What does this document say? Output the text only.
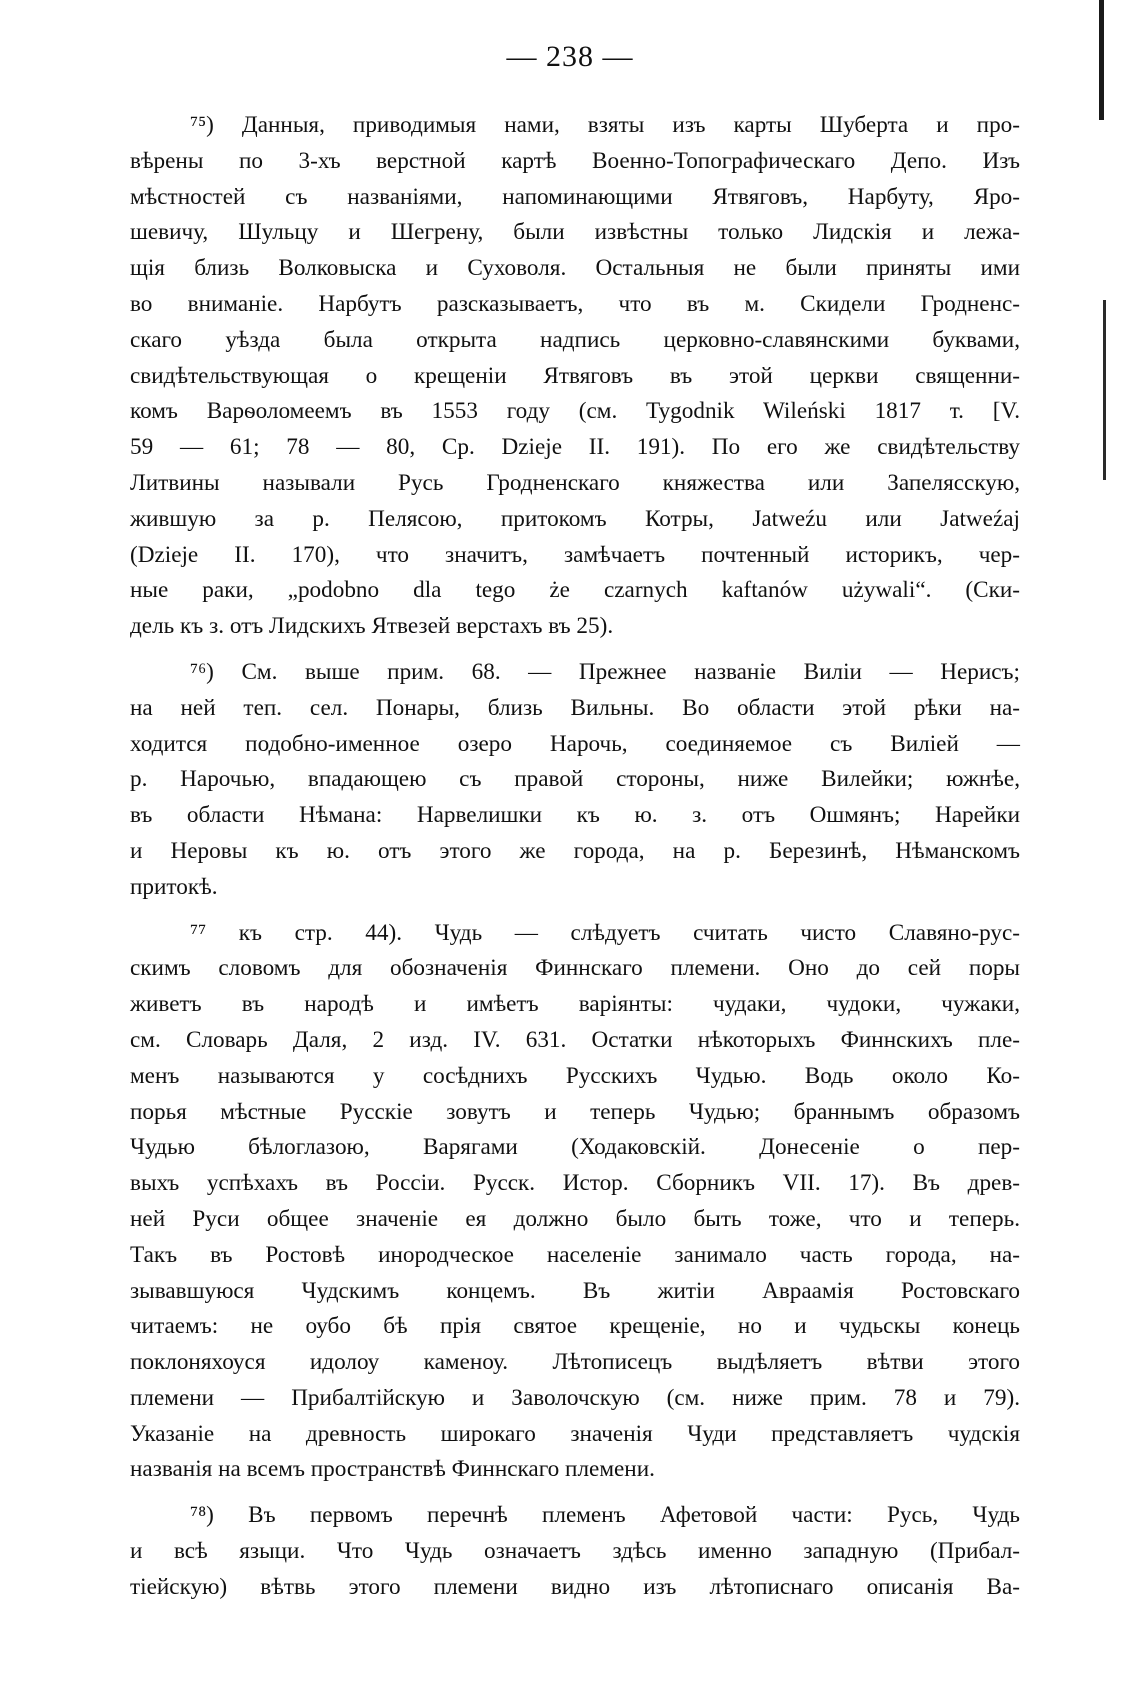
— 238 —
⁷⁵) Данныя, приводимыя нами, взяты изъ карты Шуберта и про-
вѣрены по 3-хъ верстной картѣ Военно-Топографическаго Депо. Изъ
мѣстностей съ названіями, напоминающими Ятвяговъ, Нарбуту, Яро-
шевичу, Шульцу и Шегрену, были извѣстны только Лидскія и лежа-
щія близь Волковыска и Суховоля. Остальныя не были приняты ими
во вниманіе. Нарбутъ разсказываетъ, что въ м. Скидели Гродненс-
скаго уѣзда была открыта надпись церковно-славянскими буквами,
свидѣтельствующая о крещеніи Ятвяговъ въ этой церкви священни-
комъ Варѳоломеемъ въ 1553 году (см. Tygodnik Wileński 1817 т. [V.
59 — 61; 78 — 80, Cp. Dzieje II. 191). По его же свидѣтельству
Литвины называли Русь Гродненскаго княжества или Запелясскую,
жившую за р. Пелясою, притокомъ Котры, Jatweźu или Jatweźaj
(Dzieje II. 170), что значитъ, замѣчаетъ почтенный историкъ, чер-
ные раки, „podobno dla tego że czarnych kaftanów używali“. (Ски-
дель къ з. отъ Лидскихъ Ятвезей верстахъ въ 25).
⁷⁶) См. выше прим. 68. — Прежнее названіе Виліи — Нерисъ;
на ней теп. сел. Понары, близь Вильны. Во области этой рѣки на-
ходится подобно-именное озеро Нарочь, соединяемое съ Виліей —
р. Нарочью, впадающею съ правой стороны, ниже Вилейки; южнѣе,
въ области Нѣмана: Нарвелишки къ ю. з. отъ Ошмянъ; Нарейки
и Неровы къ ю. отъ этого же города, на р. Березинѣ, Нѣманскомъ
притокѣ.
⁷⁷ къ стр. 44). Чудь — слѣдуетъ считать чисто Славяно-рус-
скимъ словомъ для обозначенія Финнскаго племени. Оно до сей поры
живетъ въ народѣ и имѣетъ варіянты: чудаки, чудоки, чужаки,
см. Словарь Даля, 2 изд. IV. 631. Остатки нѣкоторыхъ Финнскихъ пле-
менъ называются у сосѣднихъ Русскихъ Чудью. Водь около Ко-
порья мѣстные Русскіе зовутъ и теперь Чудью; браннымъ образомъ
Чудью бѣлоглазою, Варягами (Ходаковскій. Донесеніе о пер-
выхъ успѣхахъ въ Россіи. Русск. Истор. Сборникъ VII. 17). Въ древ-
ней Руси общее значеніе ея должно было быть тоже, что и теперь.
Такъ въ Ростовѣ инородческое населеніе занимало часть города, на-
зывавшуюся Чудскимъ концемъ. Въ житіи Авраамія Ростовскаго
читаемъ: не оубо бѣ прія святое крещеніе, но и чудьскы конець
поклоняхоуся идолоу каменоу. Лѣтописецъ выдѣляетъ вѣтви этого
племени — Прибалтійскую и Заволочскую (см. ниже прим. 78 и 79).
Указаніе на древность широкаго значенія Чуди представляетъ чудскія
названія на всемъ пространствѣ Финнскаго племени.
⁷⁸) Въ первомъ перечнѣ племенъ Афетовой части: Русь, Чудь
и всѣ языци. Что Чудь означаетъ здѣсь именно западную (Прибал-
тіейскую) вѣтвь этого племени видно изъ лѣтописнаго описанія Ва-
